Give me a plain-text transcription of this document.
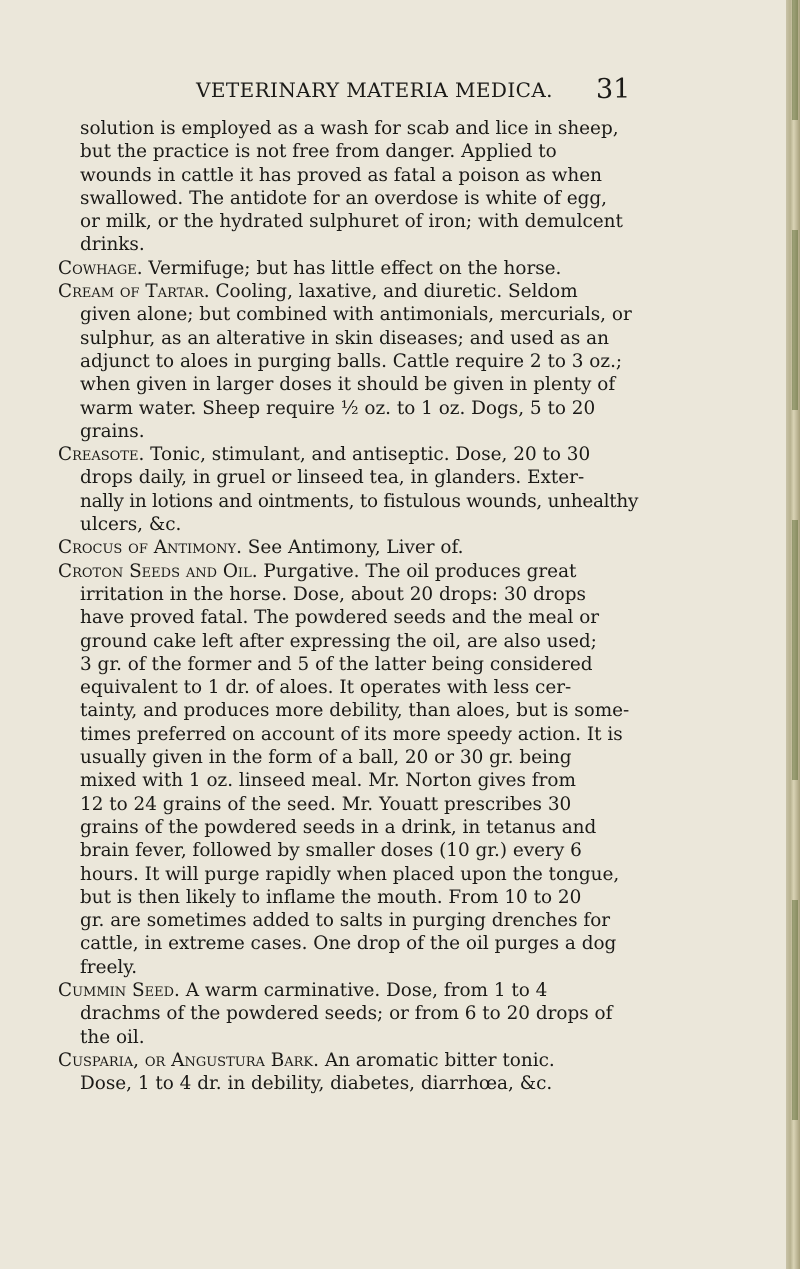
VETERINARY MATERIA MEDICA. 31
solution is employed as a wash for scab and lice in sheep,
but the practice is not free from danger. Applied to
wounds in cattle it has proved as fatal a poison as when
swallowed. The antidote for an overdose is white of egg,
or milk, or the hydrated sulphuret of iron; with demulcent
drinks.
Cowhage. Vermifuge; but has little effect on the horse.
Cream of Tartar. Cooling, laxative, and diuretic. Seldom
given alone; but combined with antimonials, mercurials, or
sulphur, as an alterative in skin diseases; and used as an
adjunct to aloes in purging balls. Cattle require 2 to 3 oz.;
when given in larger doses it should be given in plenty of
warm water. Sheep require ½ oz. to 1 oz. Dogs, 5 to 20
grains.
Creasote. Tonic, stimulant, and antiseptic. Dose, 20 to 30
drops daily, in gruel or linseed tea, in glanders. Exter-
nally in lotions and ointments, to fistulous wounds, unhealthy
ulcers, &c.
Crocus of Antimony. See Antimony, Liver of.
Croton Seeds and Oil. Purgative. The oil produces great
irritation in the horse. Dose, about 20 drops: 30 drops
have proved fatal. The powdered seeds and the meal or
ground cake left after expressing the oil, are also used;
3 gr. of the former and 5 of the latter being considered
equivalent to 1 dr. of aloes. It operates with less cer-
tainty, and produces more debility, than aloes, but is some-
times preferred on account of its more speedy action. It is
usually given in the form of a ball, 20 or 30 gr. being
mixed with 1 oz. linseed meal. Mr. Norton gives from
12 to 24 grains of the seed. Mr. Youatt prescribes 30
grains of the powdered seeds in a drink, in tetanus and
brain fever, followed by smaller doses (10 gr.) every 6
hours. It will purge rapidly when placed upon the tongue,
but is then likely to inflame the mouth. From 10 to 20
gr. are sometimes added to salts in purging drenches for
cattle, in extreme cases. One drop of the oil purges a dog
freely.
Cummin Seed. A warm carminative. Dose, from 1 to 4
drachms of the powdered seeds; or from 6 to 20 drops of
the oil.
Cusparia, or Angustura Bark. An aromatic bitter tonic.
Dose, 1 to 4 dr. in debility, diabetes, diarrhœa, &c.
